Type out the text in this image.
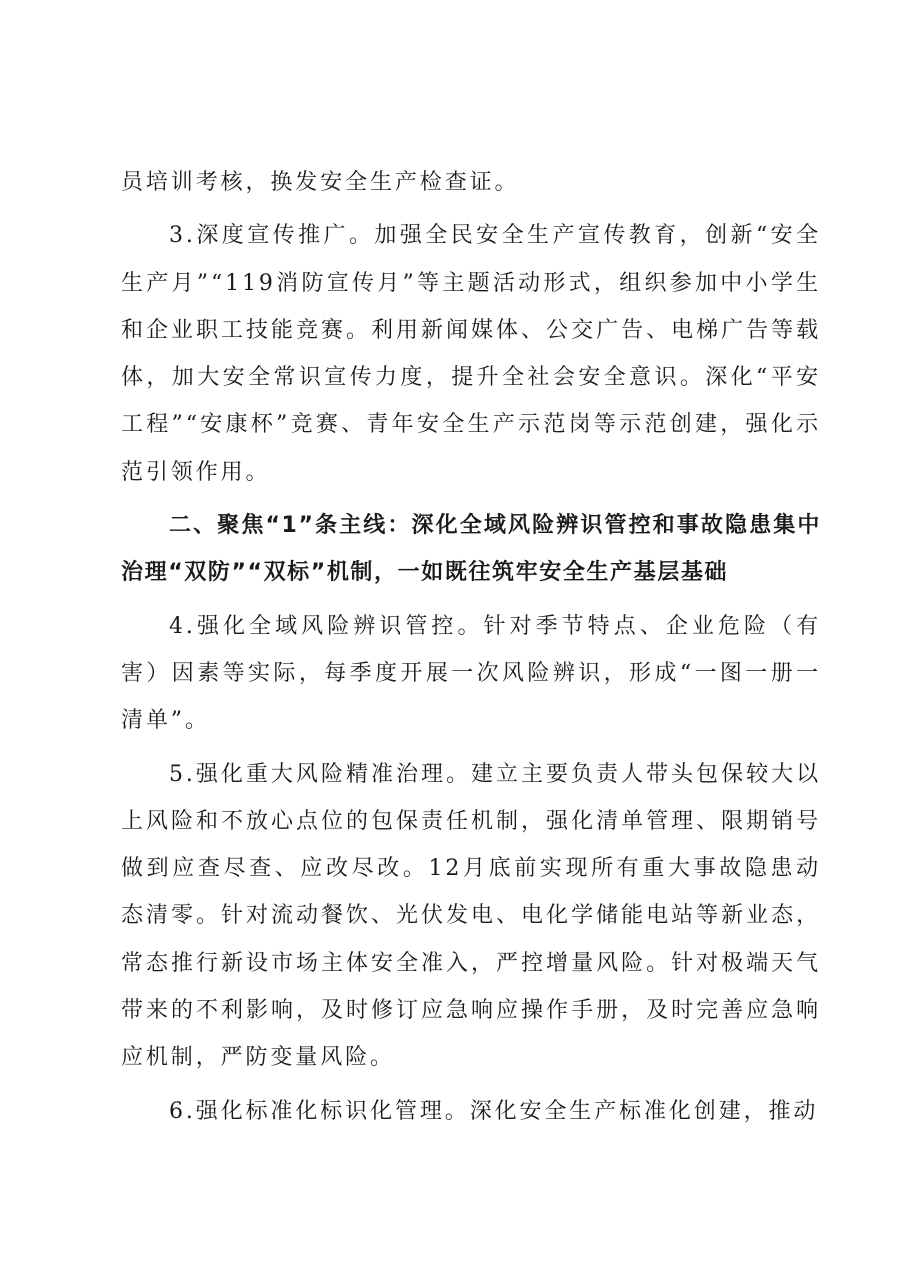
员培训考核，换发安全生产检查证。

3.深度宣传推广。加强全民安全生产宣传教育，创新“安全生产月”“119消防宣传月”等主题活动形式，组织参加中小学生和企业职工技能竞赛。利用新闻媒体、公交广告、电梯广告等载体，加大安全常识宣传力度，提升全社会安全意识。深化“平安工程”“安康杯”竞赛、青年安全生产示范岗等示范创建，强化示范引领作用。

二、聚焦“1”条主线：深化全域风险辨识管控和事故隐患集中治理“双防”“双标”机制，一如既往筑牢安全生产基层基础

4.强化全域风险辨识管控。针对季节特点、企业危险（有害）因素等实际，每季度开展一次风险辨识，形成“一图一册一清单”。

5.强化重大风险精准治理。建立主要负责人带头包保较大以上风险和不放心点位的包保责任机制，强化清单管理、限期销号做到应查尽查、应改尽改。12月底前实现所有重大事故隐患动态清零。针对流动餐饮、光伏发电、电化学储能电站等新业态，常态推行新设市场主体安全准入，严控增量风险。针对极端天气带来的不利影响，及时修订应急响应操作手册，及时完善应急响应机制，严防变量风险。

6.强化标准化标识化管理。深化安全生产标准化创建，推动
